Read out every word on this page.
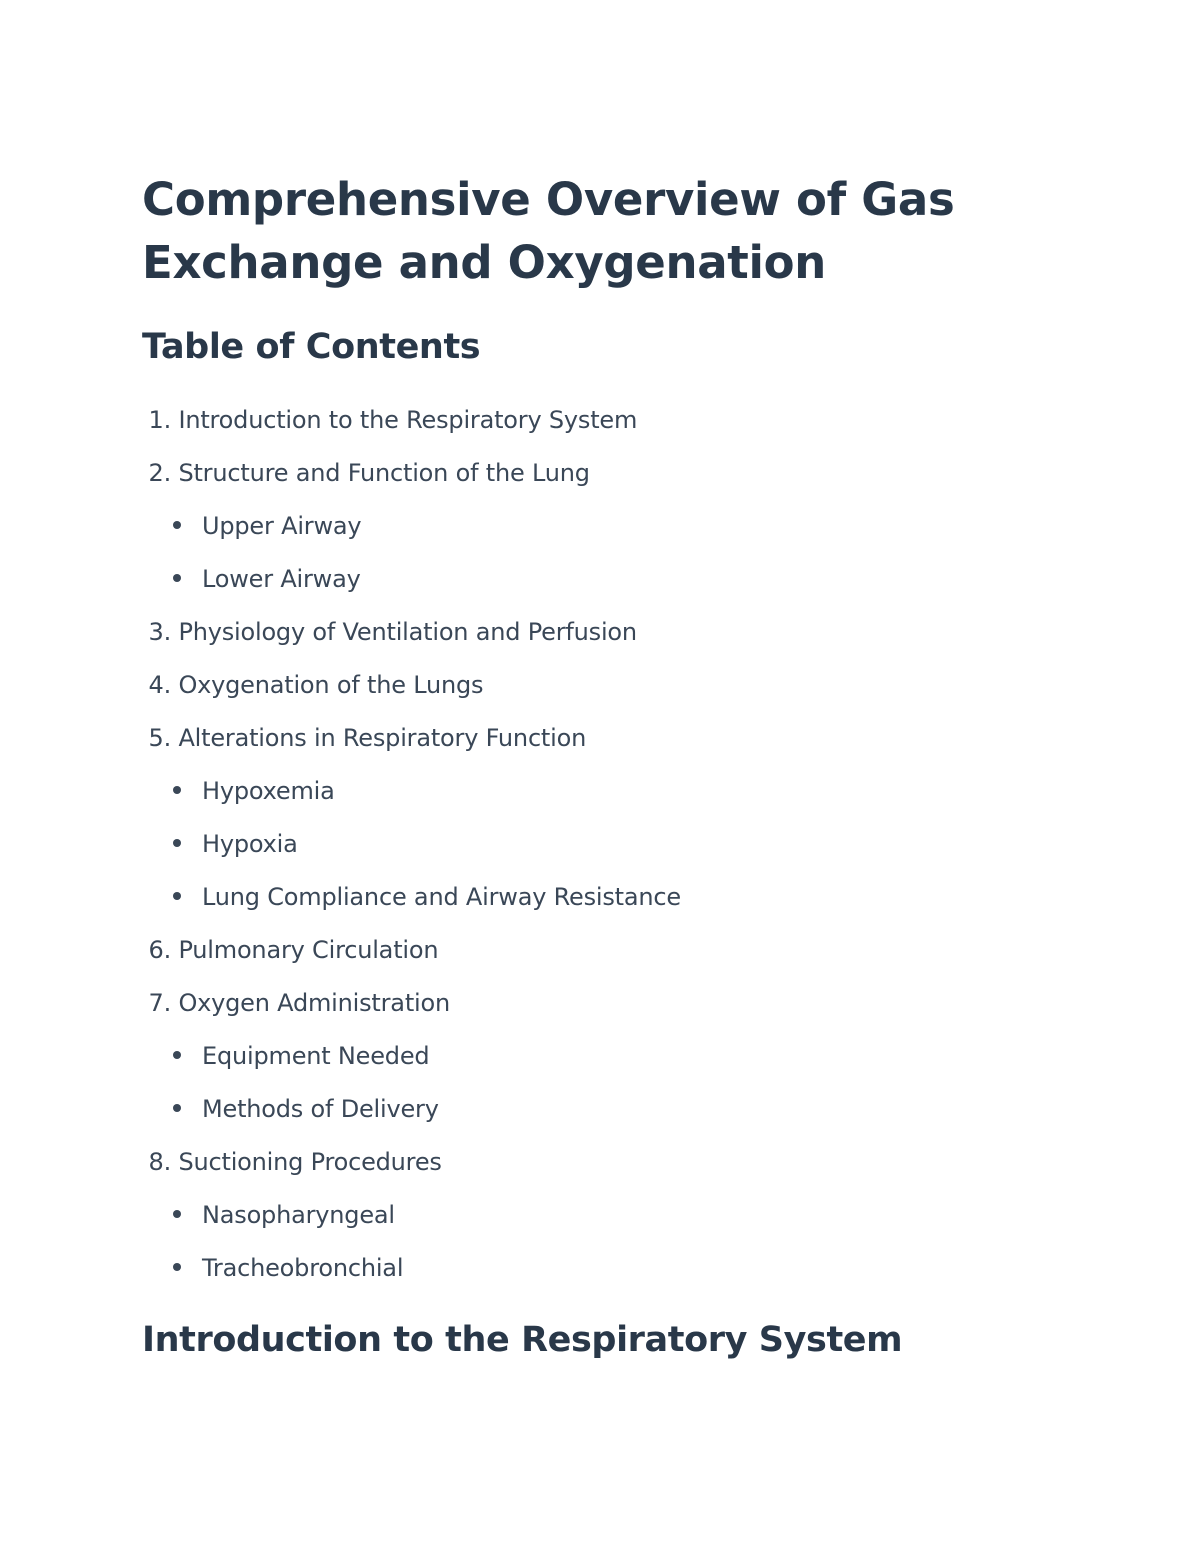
Comprehensive Overview of Gas
Exchange and Oxygenation
Table of Contents
1. Introduction to the Respiratory System
2. Structure and Function of the Lung
Upper Airway
Lower Airway
3. Physiology of Ventilation and Perfusion
4. Oxygenation of the Lungs
5. Alterations in Respiratory Function
Hypoxemia
Hypoxia
Lung Compliance and Airway Resistance
6. Pulmonary Circulation
7. Oxygen Administration
Equipment Needed
Methods of Delivery
8. Suctioning Procedures
Nasopharyngeal
Tracheobronchial
Introduction to the Respiratory System
